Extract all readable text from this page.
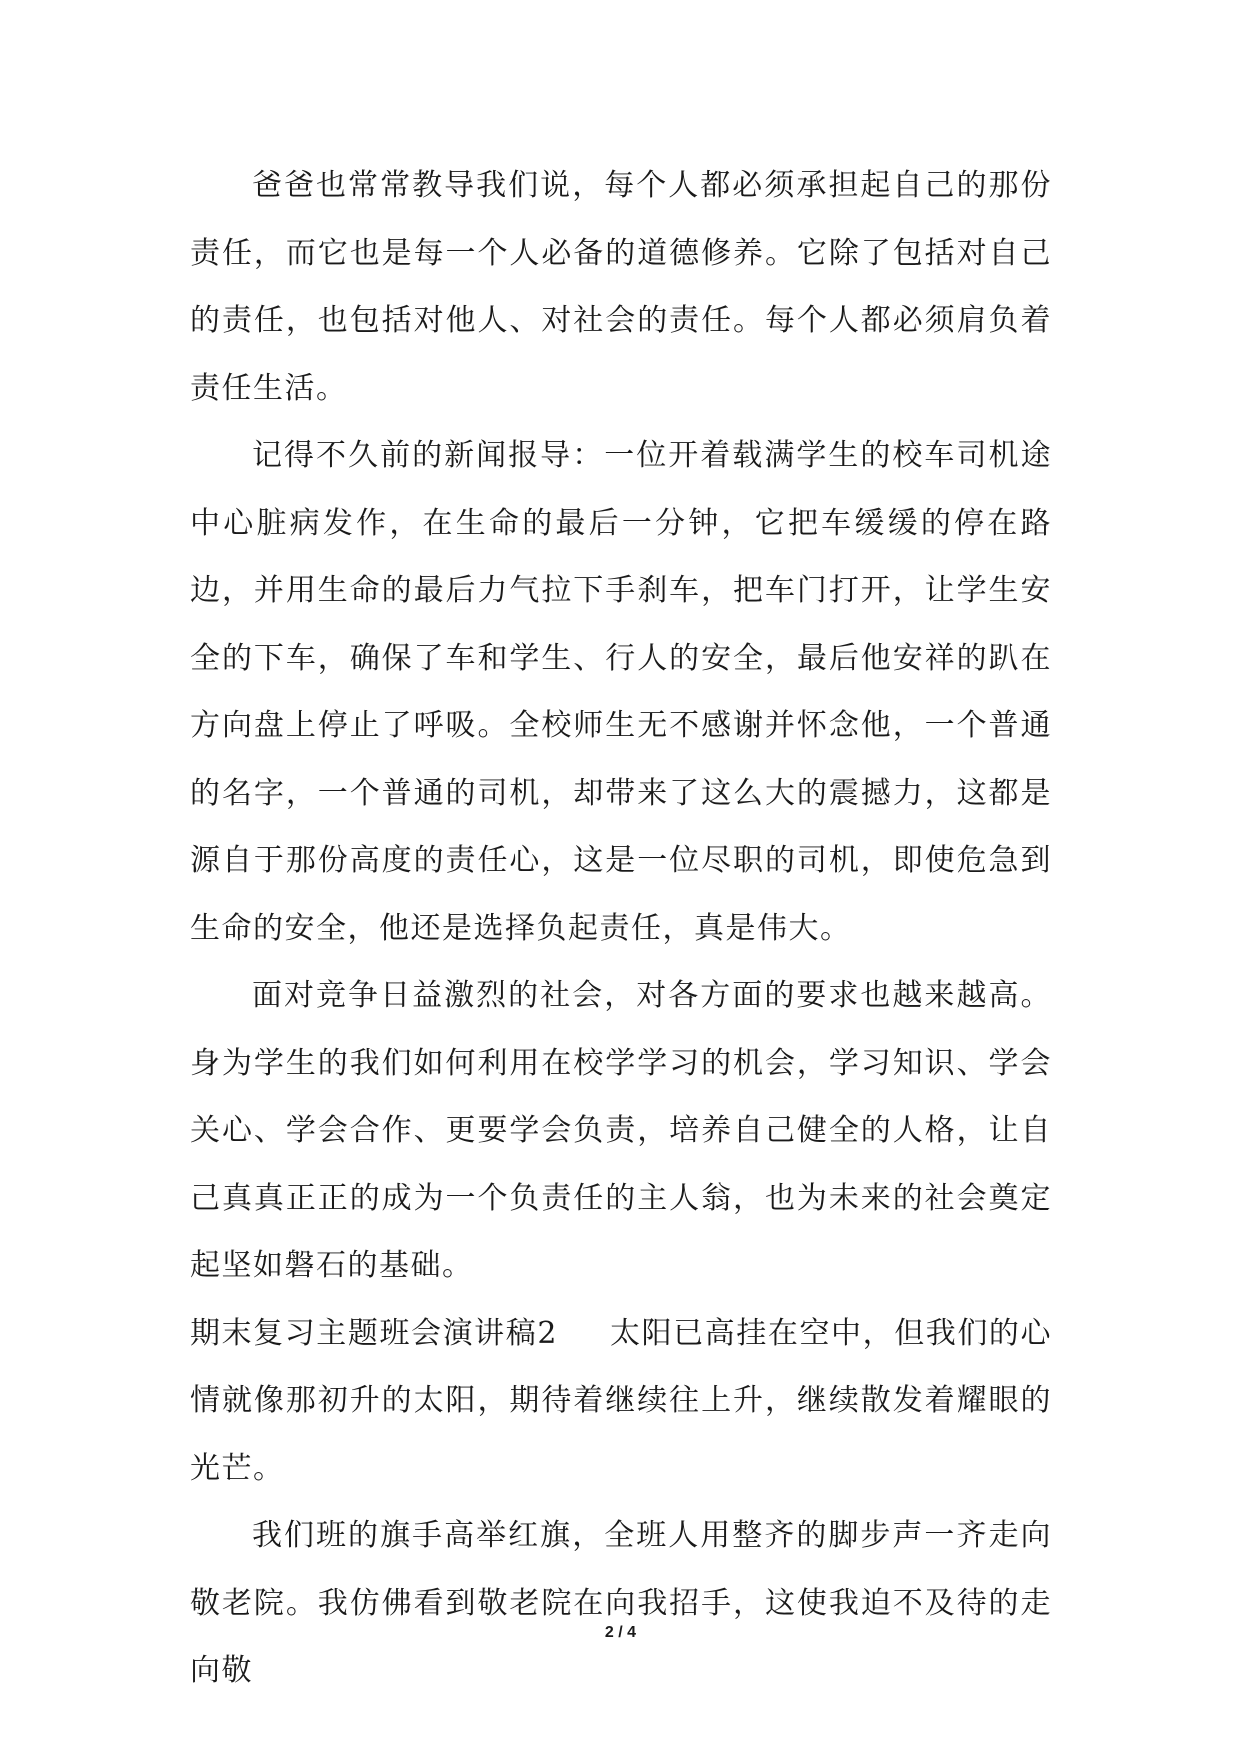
爸爸也常常教导我们说，每个人都必须承担起自己的那份责任，而它也是每一个人必备的道德修养。它除了包括对自己的责任，也包括对他人、对社会的责任。每个人都必须肩负着责任生活。

记得不久前的新闻报导：一位开着载满学生的校车司机途中心脏病发作，在生命的最后一分钟，它把车缓缓的停在路边，并用生命的最后力气拉下手刹车，把车门打开，让学生安全的下车，确保了车和学生、行人的安全，最后他安祥的趴在方向盘上停止了呼吸。全校师生无不感谢并怀念他，一个普通的名字，一个普通的司机，却带来了这么大的震撼力，这都是源自于那份高度的责任心，这是一位尽职的司机，即使危急到生命的安全，他还是选择负起责任，真是伟大。

面对竞争日益激烈的社会，对各方面的要求也越来越高。身为学生的我们如何利用在校学学习的机会，学习知识、学会关心、学会合作、更要学会负责，培养自己健全的人格，让自己真真正正的成为一个负责任的主人翁，也为未来的社会奠定起坚如磐石的基础。

期末复习主题班会演讲稿2 太阳已高挂在空中，但我们的心情就像那初升的太阳，期待着继续往上升，继续散发着耀眼的光芒。

我们班的旗手高举红旗，全班人用整齐的脚步声一齐走向敬老院。我仿佛看到敬老院在向我招手，这使我迫不及待的走向敬

2 / 4
